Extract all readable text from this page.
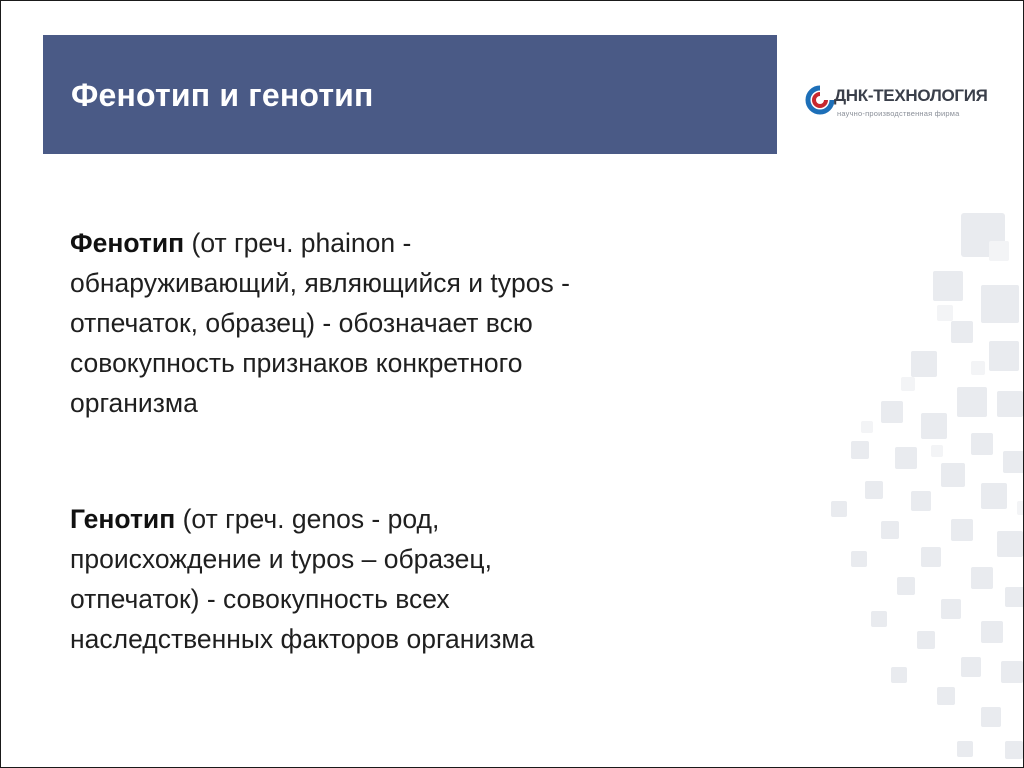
Фенотип и генотип	ДНК-ТЕХНОЛОГИЯ
научно-производственная фирма
Фенотип (от греч. phainon -
обнаруживающий, являющийся и typos -
отпечаток, образец) - обозначает всю
совокупность признаков конкретного
организма
Генотип (от греч. genos - род,
происхождение и typos – образец,
отпечаток) - совокупность всех
наследственных факторов организма
